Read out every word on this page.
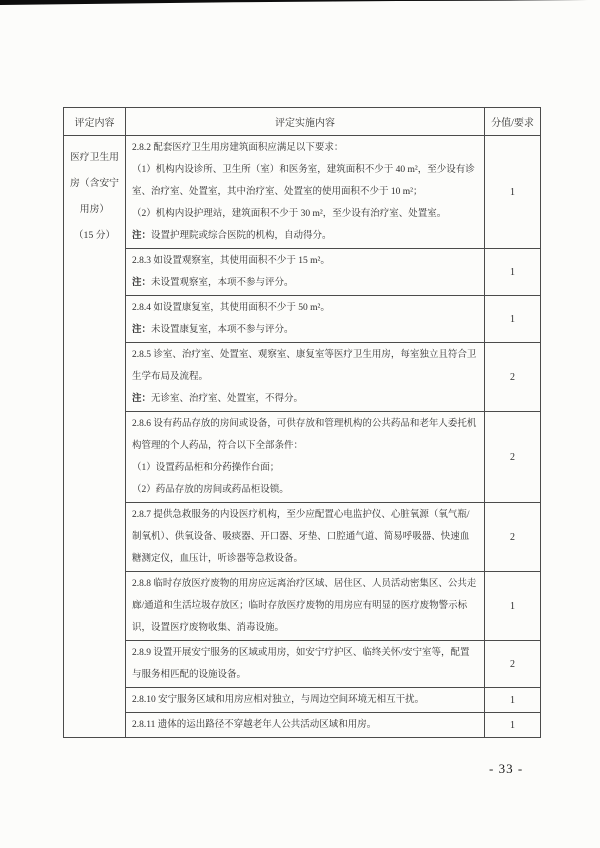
评定内容	评定实施内容	分值/要求

医疗卫生用
房（含安宁
用房）
（15 分）

2.8.2 配套医疗卫生用房建筑面积应满足以下要求：

（1）机构内设诊所、卫生所（室）和医务室，建筑面积不少于 40 m²，至少设有诊室、治疗室、处置室，其中治疗室、处置室的使用面积不少于 10 m²；

（2）机构内设护理站，建筑面积不少于 30 m²，至少设有治疗室、处置室。

注：设置护理院或综合医院的机构，自动得分。

	1

	2.8.3 如设置观察室，其使用面积不少于 15 m²。

注：未设置观察室，本项不参与评分。	1

	2.8.4 如设置康复室，其使用面积不少于 50 m²。

注：未设置康复室，本项不参与评分。	1

	2.8.5 诊室、治疗室、处置室、观察室、康复室等医疗卫生用房，每室独立且符合卫生学布局及流程。

注：无诊室、治疗室、处置室，不得分。	2

	2.8.6 设有药品存放的房间或设备，可供存放和管理机构的公共药品和老年人委托机构管理的个人药品，符合以下全部条件：

（1）设置药品柜和分药操作台面；

（2）药品存放的房间或药品柜设锁。	2

	2.8.7 提供急救服务的内设医疗机构，至少应配置心电监护仪、心脏氧源（氧气瓶/制氧机）、供氧设备、吸痰器、开口器、牙垫、口腔通气道、简易呼吸器、快速血糖测定仪，血压计，听诊器等急救设备。	2

	2.8.8 临时存放医疗废物的用房应远离治疗区域、居住区、人员活动密集区、公共走廊/通道和生活垃圾存放区；临时存放医疗废物的用房应有明显的医疗废物警示标识，设置医疗废物收集、消毒设施。	1

	2.8.9 设置开展安宁服务的区域或用房，如安宁疗护区、临终关怀/安宁室等，配置与服务相匹配的设施设备。	2

	2.8.10 安宁服务区域和用房应相对独立，与周边空间环境无相互干扰。	1

	2.8.11 遗体的运出路径不穿越老年人公共活动区域和用房。	1
- 33 -
